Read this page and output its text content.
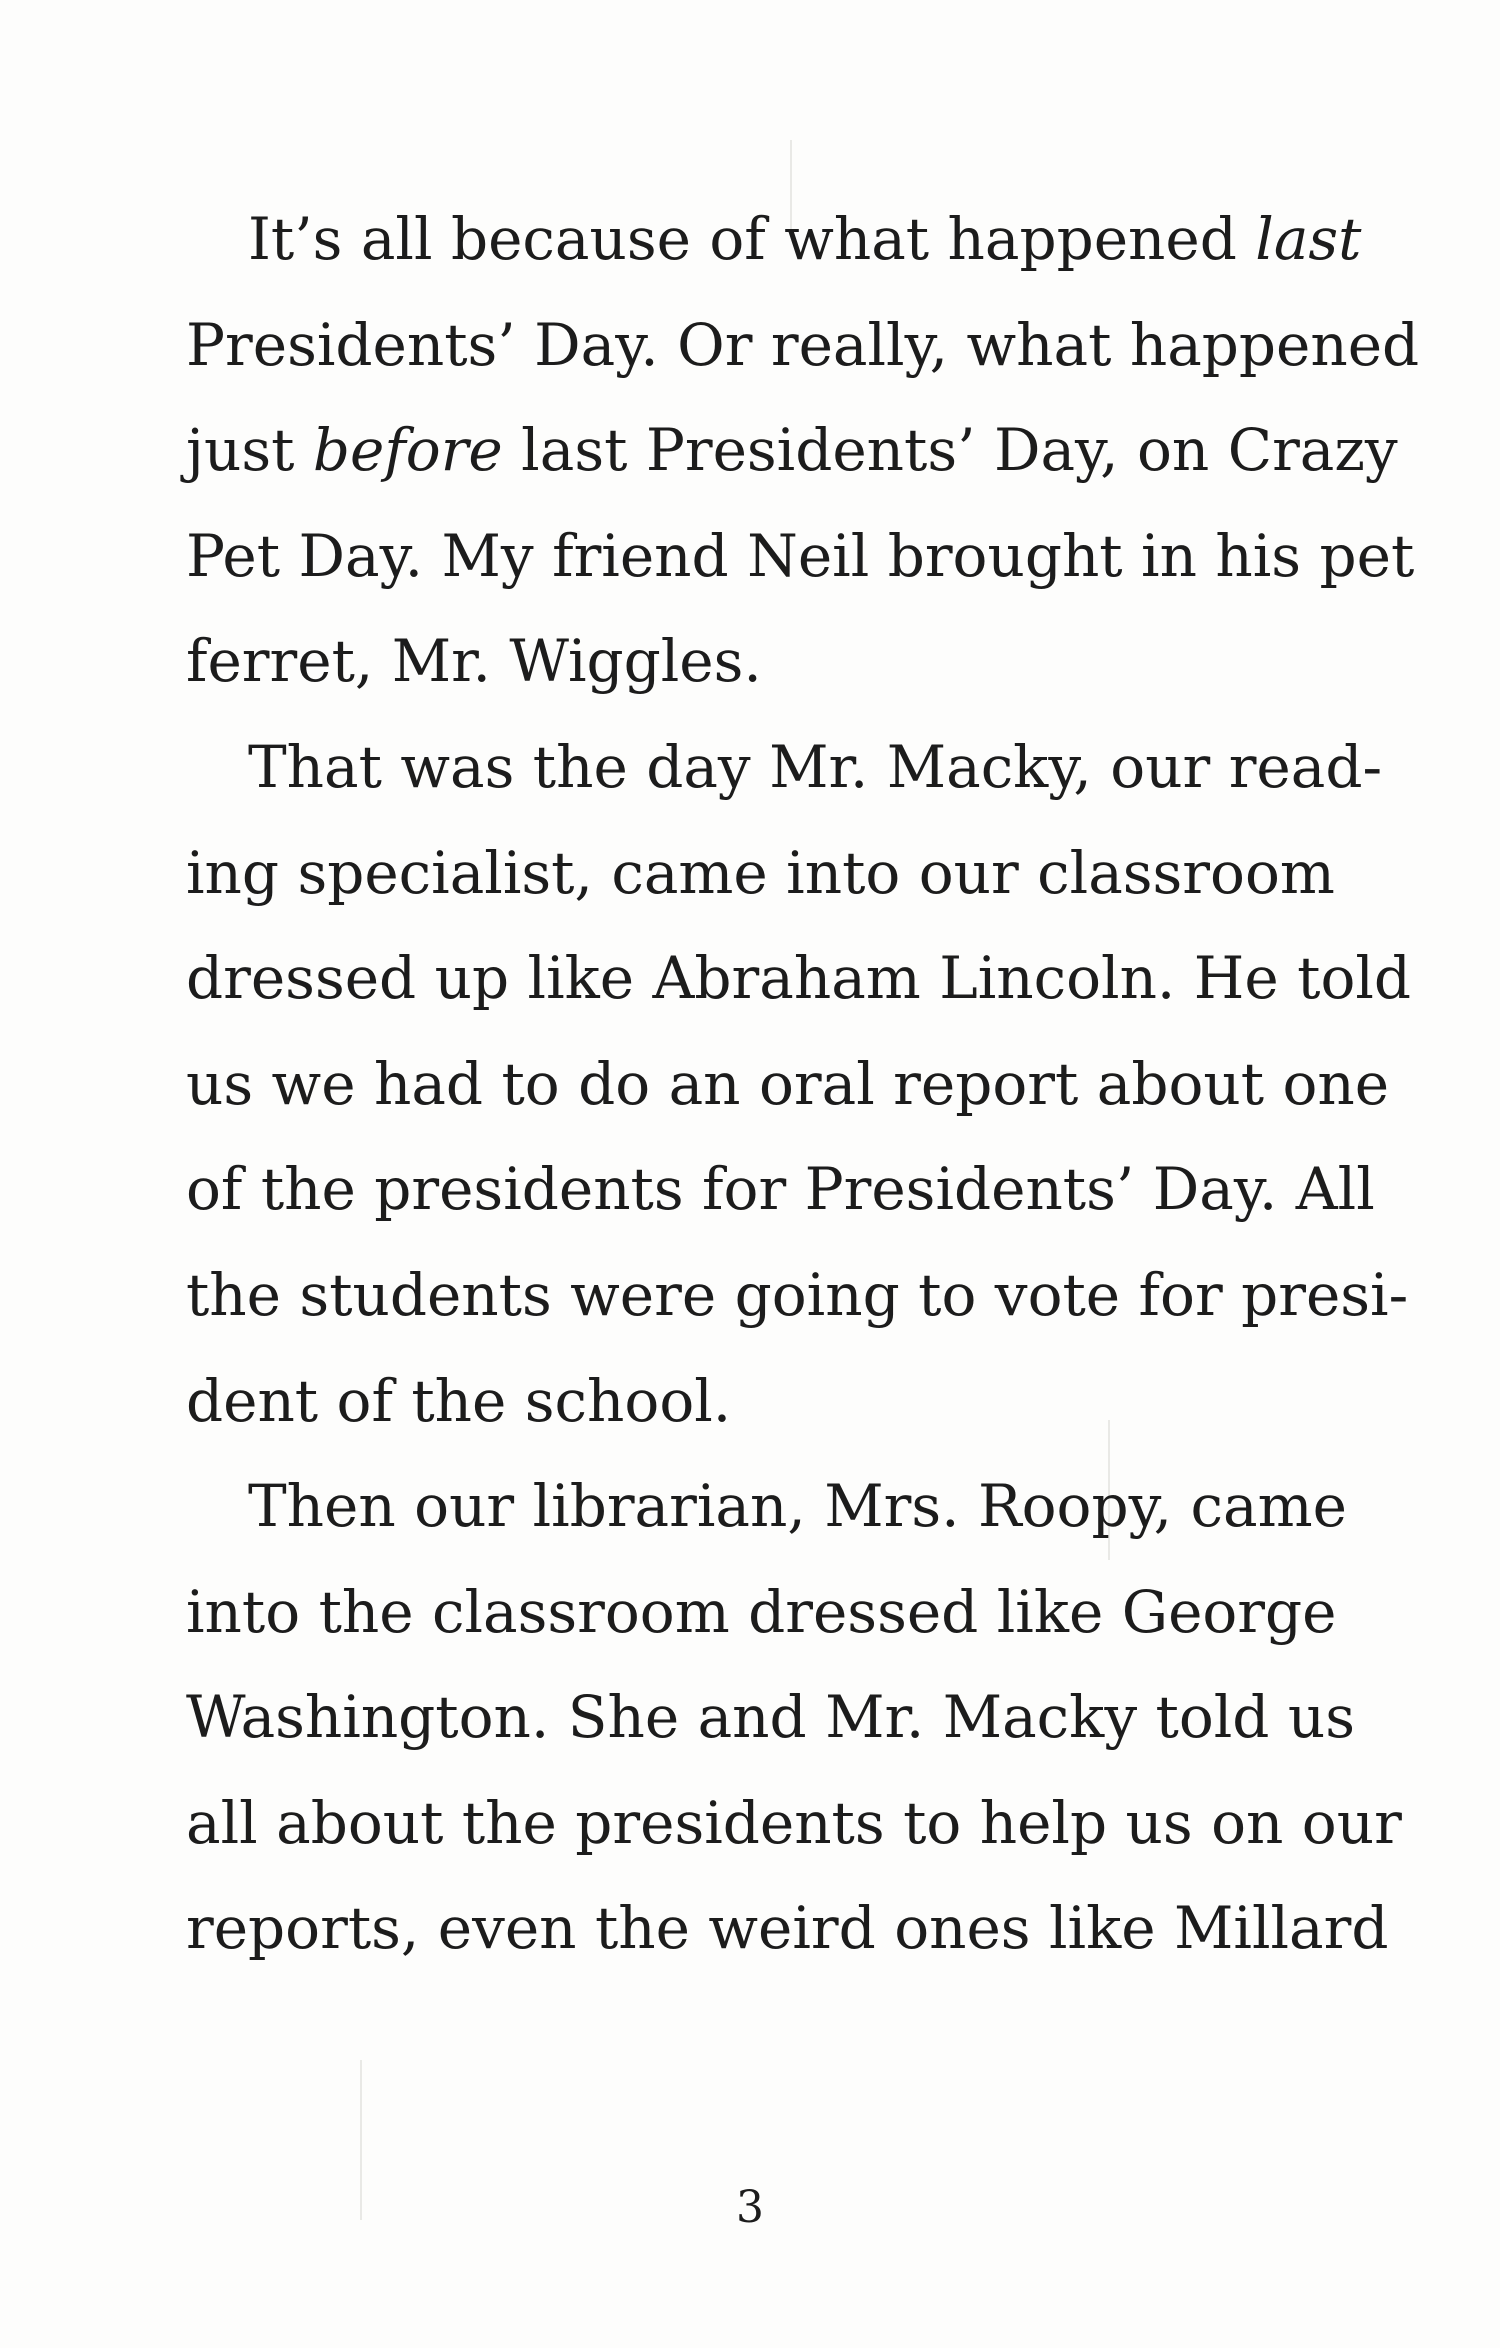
It’s all because of what happened last
Presidents’ Day. Or really, what happened
just before last Presidents’ Day, on Crazy
Pet Day. My friend Neil brought in his pet
ferret, Mr. Wiggles.

That was the day Mr. Macky, our read-
ing specialist, came into our classroom
dressed up like Abraham Lincoln. He told
us we had to do an oral report about one
of the presidents for Presidents’ Day. All
the students were going to vote for presi-
dent of the school.

Then our librarian, Mrs. Roopy, came
into the classroom dressed like George
Washington. She and Mr. Macky told us
all about the presidents to help us on our
reports, even the weird ones like Millard

3
